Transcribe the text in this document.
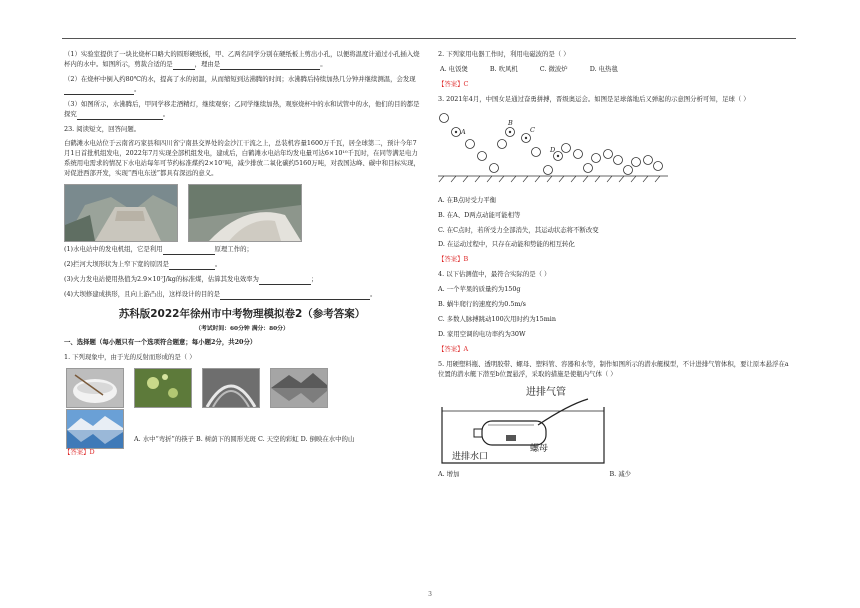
（1）实验室提供了一块比烧杯口略大的圆形硬纸板，甲、乙两名同学分别在硬纸板上剪出小孔，以便将温度计通过小孔插入烧杯内的水中。如图所示，剪裁合适的是	，理由是	。

（2）在烧杯中倒入约80℃的水，提高了水的初温，从而缩短到达沸腾的时间；水沸腾后持续加热几分钟并继续测温，会发现。

（3）如图所示，水沸腾后，甲同学移走酒精灯，继续观察；乙同学继续加热，观察烧杯中的水和试管中的水，他们的目的都是探究	。

23. 阅读短文，回答问题。

白鹤滩水电站位于云南省巧家县和四川省宁南县交界处的金沙江干流之上，总装机容量1600万千瓦，居全球第二，预计今年7月1日首批机组发电，2022年7月实现全部机组发电，建成后，白鹤滩水电站年均发电量可达6×10¹⁰千瓦时，在同等满足电力系统用电需求的情况下水电站每年可节约标准煤约2×10⁷吨，减少排放二氧化碳约5160万吨，对我国达峰、碳中和目标实现，对促进西部开发，实现“西电东送”都具有深远的意义。

(1)水电站中的发电机组，它是利用	原理工作的；

(2)拦河大坝形状为上窄下宽的原因是	。

(3)火力发电站使用热值为2.9×10⁷J/kg的标准煤，估算其发电效率为	；

(4)大坝修建成拱形，且向上游凸出，这样设计的目的是	。

苏科版2022年徐州市中考物理模拟卷2（参考答案）
（考试时间：60分钟 满分：80分）

一、选择题（每小题只有一个选项符合题意；每小题2分，共20分）

1. 下列现象中，由于光的反射而形成的是（ ）

A. 水中“弯折”的筷子 B. 树荫下的圆形光斑 C. 天空的彩虹 D. 倒映在水中的山

【答案】D

2. 下列家用电器工作时，利用电磁波的是（ ）

A. 电饭煲	B. 吹风机	C. 微波炉	D. 电热毯

【答案】C

3. 2021年4月，中国女足通过奋勇拼搏，晋级奥运会。如图是足球落地后又弹起的示意图分析可知，足球（ ）

A
B
C
D

A. 在B点时受力平衡

B. 在A、D两点动能可能相等

C. 在C点时，若所受力全部消失，其运动状态将不断改变

D. 在运动过程中，只存在动能和势能的相互转化

【答案】B

4. 以下估测值中，最符合实际的是（ ）

A. 一个苹果的质量约为150g

B. 蜗牛爬行的速度约为0.5m/s

C. 多数人脉搏跳动100次用时约为15min

D. 家用空调的电功率约为30W

【答案】A

5. 用硬塑料瓶、透明胶带、螺母、塑料管、容器和水等，制作如图所示的潜水艇模型，不计进排气管体积，要让原本悬浮在a位置的潜水艇下潜至b位置悬浮，采取的措施是使瓶内气体（ ）

进排气管
螺母
进排水口
A. 增加	B. 减少
3
